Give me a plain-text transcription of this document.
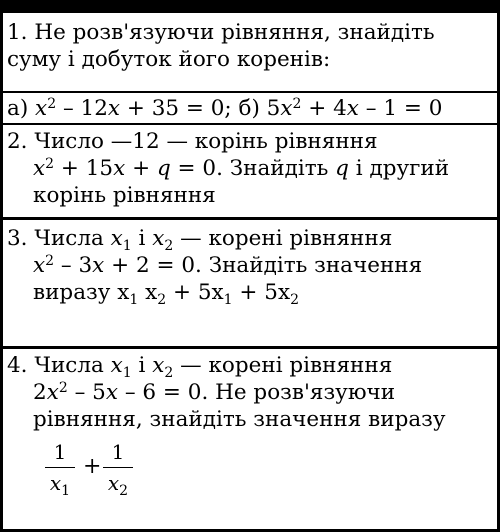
1. Не розв'язуючи рівняння, знайдіть
суму і добуток його коренів:
а) $x^2 - 12x + 35 = 0$; б) $5x^2 + 4x - 1 = 0$
2. Число —12 — корінь рівняння
$x^2 + 15x + q = 0$. Знайдіть q і другий
корінь рівняння
3. Числа $x_1$ і $x_2$ — корені рівняння
$x^2 - 3x + 2 = 0$. Знайдіть значення
виразу $x_1$ $x_2 + 5x_1 + 5x_2$
4. Числа $x_1$ і $x_2$ — корені рівняння
$2x^2 - 5x - 6 = 0$. Не розв'язуючи
рівняння, знайдіть значення виразу
1
$x_1$
+
1
$x_2$
